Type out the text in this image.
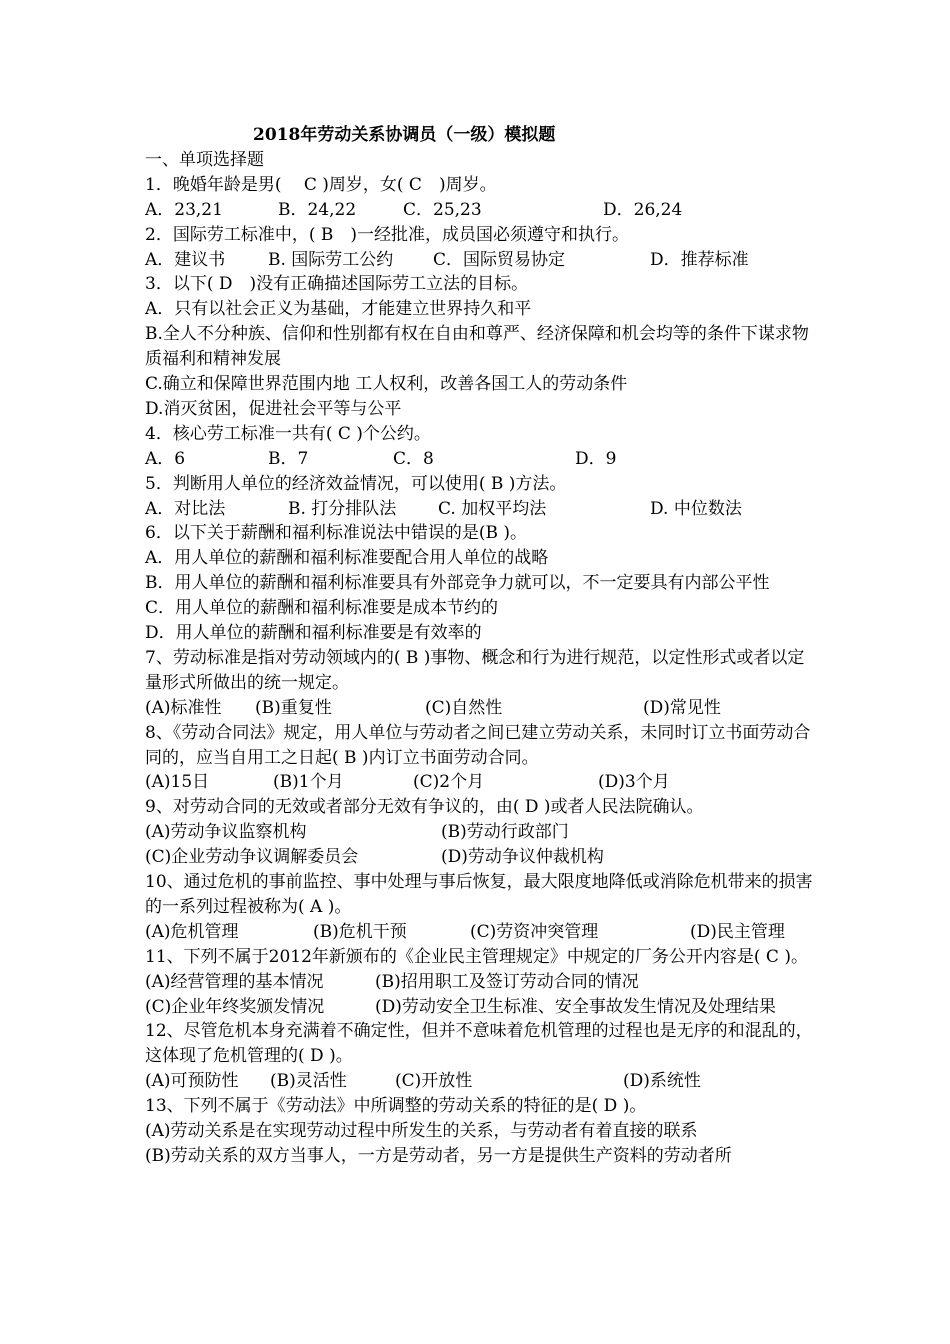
2018年劳动关系协调员（一级）模拟题
一、单项选择题
1．晚婚年龄是男(　 C )周岁，女( C　)周岁。
A．23,21	B．24,22	C．25,23	D．26,24
2．国际劳工标准中，( B　)一经批准，成员国必须遵守和执行。
A．建议书	B. 国际劳工公约 C．国际贸易协定	D．推荐标准
3．以下( D　)没有正确描述国际劳工立法的目标。
A．只有以社会正义为基础，才能建立世界持久和平
B.全人不分种族、信仰和性别都有权在自由和尊严、经济保障和机会均等的条件下谋求物质福利和精神发展
C.确立和保障世界范围内地 工人权利，改善各国工人的劳动条件
D.消灭贫困，促进社会平等与公平
4．核心劳工标准一共有( C )个公约。
A．6	B．7	C．8	D．9
5．判断用人单位的经济效益情况，可以使用( B )方法。
A．对比法	B. 打分排队法 C. 加权平均法	D. 中位数法
6．以下关于薪酬和福利标准说法中错误的是(B )。
A．用人单位的薪酬和福利标准要配合用人单位的战略
B．用人单位的薪酬和福利标准要具有外部竞争力就可以，不一定要具有内部公平性
C．用人单位的薪酬和福利标准要是成本节约的
D．用人单位的薪酬和福利标准要是有效率的
7、劳动标准是指对劳动领域内的( B )事物、概念和行为进行规范，以定性形式或者以定量形式所做出的统一规定。
(A)标准性 (B)重复性	(C)自然性	(D)常见性
8、《劳动合同法》规定，用人单位与劳动者之间已建立劳动关系，未同时订立书面劳动合同的，应当自用工之日起( B )内订立书面劳动合同。
(A)15日	(B)1个月	(C)2个月	(D)3个月
9、对劳动合同的无效或者部分无效有争议的，由( D )或者人民法院确认。
(A)劳动争议监察机构	(B)劳动行政部门
(C)企业劳动争议调解委员会	(D)劳动争议仲裁机构
10、通过危机的事前监控、事中处理与事后恢复，最大限度地降低或消除危机带来的损害的一系列过程被称为( A )。
(A)危机管理	(B)危机干预	(C)劳资冲突管理	(D)民主管理
11、下列不属于2012年新颁布的《企业民主管理规定》中规定的厂务公开内容是( C )。
(A)经营管理的基本情况	(B)招用职工及签订劳动合同的情况
(C)企业年终奖颁发情况	(D)劳动安全卫生标准、安全事故发生情况及处理结果
12、尽管危机本身充满着不确定性，但并不意味着危机管理的过程也是无序的和混乱的，这体现了危机管理的( D )。
(A)可预防性 (B)灵活性	(C)开放性	(D)系统性
13、下列不属于《劳动法》中所调整的劳动关系的特征的是( D )。
(A)劳动关系是在实现劳动过程中所发生的关系，与劳动者有着直接的联系
(B)劳动关系的双方当事人，一方是劳动者，另一方是提供生产资料的劳动者所
